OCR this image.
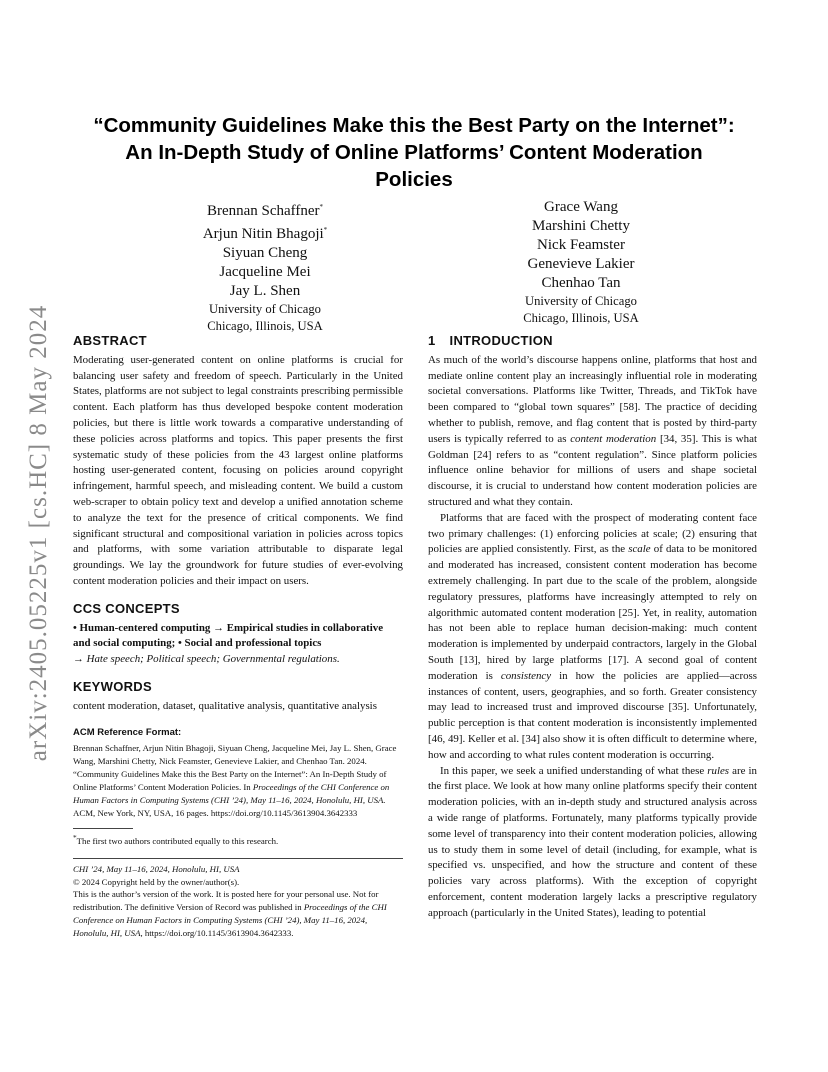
arXiv:2405.05225v1 [cs.HC] 8 May 2024
“Community Guidelines Make this the Best Party on the Internet”:
An In-Depth Study of Online Platforms’ Content Moderation
Policies
Brennan Schaffner*
Arjun Nitin Bhagoji*
Siyuan Cheng
Jacqueline Mei
Jay L. Shen
University of Chicago
Chicago, Illinois, USA
Grace Wang
Marshini Chetty
Nick Feamster
Genevieve Lakier
Chenhao Tan
University of Chicago
Chicago, Illinois, USA
ABSTRACT

Moderating user-generated content on online platforms is crucial for balancing user safety and freedom of speech. Particularly in the United States, platforms are not subject to legal constraints prescribing permissible content. Each platform has thus developed bespoke content moderation policies, but there is little work towards a comparative understanding of these policies across platforms and topics. This paper presents the first systematic study of these policies from the 43 largest online platforms hosting user-generated content, focusing on policies around copyright infringement, harmful speech, and misleading content. We build a custom web-scraper to obtain policy text and develop a unified annotation scheme to analyze the text for the presence of critical components. We find significant structural and compositional variation in policies across topics and platforms, with some variation attributable to disparate legal groundings. We lay the groundwork for future studies of ever-evolving content moderation policies and their impact on users.

CCS CONCEPTS

• Human-centered computing → Empirical studies in collaborative and social computing; • Social and professional topics
→ Hate speech; Political speech; Governmental regulations.

KEYWORDS

content moderation, dataset, qualitative analysis, quantitative analysis

ACM Reference Format:

Brennan Schaffner, Arjun Nitin Bhagoji, Siyuan Cheng, Jacqueline Mei, Jay L. Shen, Grace Wang, Marshini Chetty, Nick Feamster, Genevieve Lakier, and Chenhao Tan. 2024. “Community Guidelines Make this the Best Party on the Internet”: An In-Depth Study of Online Platforms’ Content Moderation Policies. In Proceedings of the CHI Conference on Human Factors in Computing Systems (CHI ’24), May 11–16, 2024, Honolulu, HI, USA. ACM, New York, NY, USA, 16 pages. https://doi.org/10.1145/3613904.3642333

*The first two authors contributed equally to this research.

CHI ’24, May 11–16, 2024, Honolulu, HI, USA
© 2024 Copyright held by the owner/author(s).
This is the author’s version of the work. It is posted here for your personal use. Not for redistribution. The definitive Version of Record was published in Proceedings of the CHI Conference on Human Factors in Computing Systems (CHI ’24), May 11–16, 2024, Honolulu, HI, USA, https://doi.org/10.1145/3613904.3642333.
1 INTRODUCTION

As much of the world’s discourse happens online, platforms that host and mediate online content play an increasingly influential role in moderating societal conversations. Platforms like Twitter, Threads, and TikTok have been compared to “global town squares” [58]. The practice of deciding whether to publish, remove, and flag content that is posted by third-party users is typically referred to as content moderation [34, 35]. This is what Goldman [24] refers to as “content regulation”. Since platform policies influence online behavior for millions of users and shape societal discourse, it is crucial to understand how content moderation policies are structured and what they contain.

Platforms that are faced with the prospect of moderating content face two primary challenges: (1) enforcing policies at scale; (2) ensuring that policies are applied consistently. First, as the scale of data to be monitored and moderated has increased, consistent content moderation has become extremely challenging. In part due to the scale of the problem, alongside regulatory pressures, platforms have increasingly attempted to rely on algorithmic automated content moderation [25]. Yet, in reality, automation has not been able to replace human decision-making: much content moderation is implemented by underpaid contractors, largely in the Global South [13], hired by large platforms [17]. A second goal of content moderation is consistency in how the policies are applied—across instances of content, users, geographies, and so forth. Greater consistency may lead to increased trust and improved discourse [35]. Unfortunately, public perception is that content moderation is inconsistently implemented [46, 49]. Keller et al. [34] also show it is often difficult to determine where, how and according to what rules content moderation is occurring.

In this paper, we seek a unified understanding of what these rules are in the first place. We look at how many online platforms specify their content moderation policies, with an in-depth study and structured analysis across a wide range of platforms. Fortunately, many platforms typically provide some level of transparency into their content moderation policies, allowing us to study them in some level of detail (including, for example, what is specified vs. unspecified, and how the structure and content of these policies vary across platforms). With the exception of copyright enforcement, content moderation largely lacks a prescriptive regulatory approach (particularly in the United States), leading to potential
